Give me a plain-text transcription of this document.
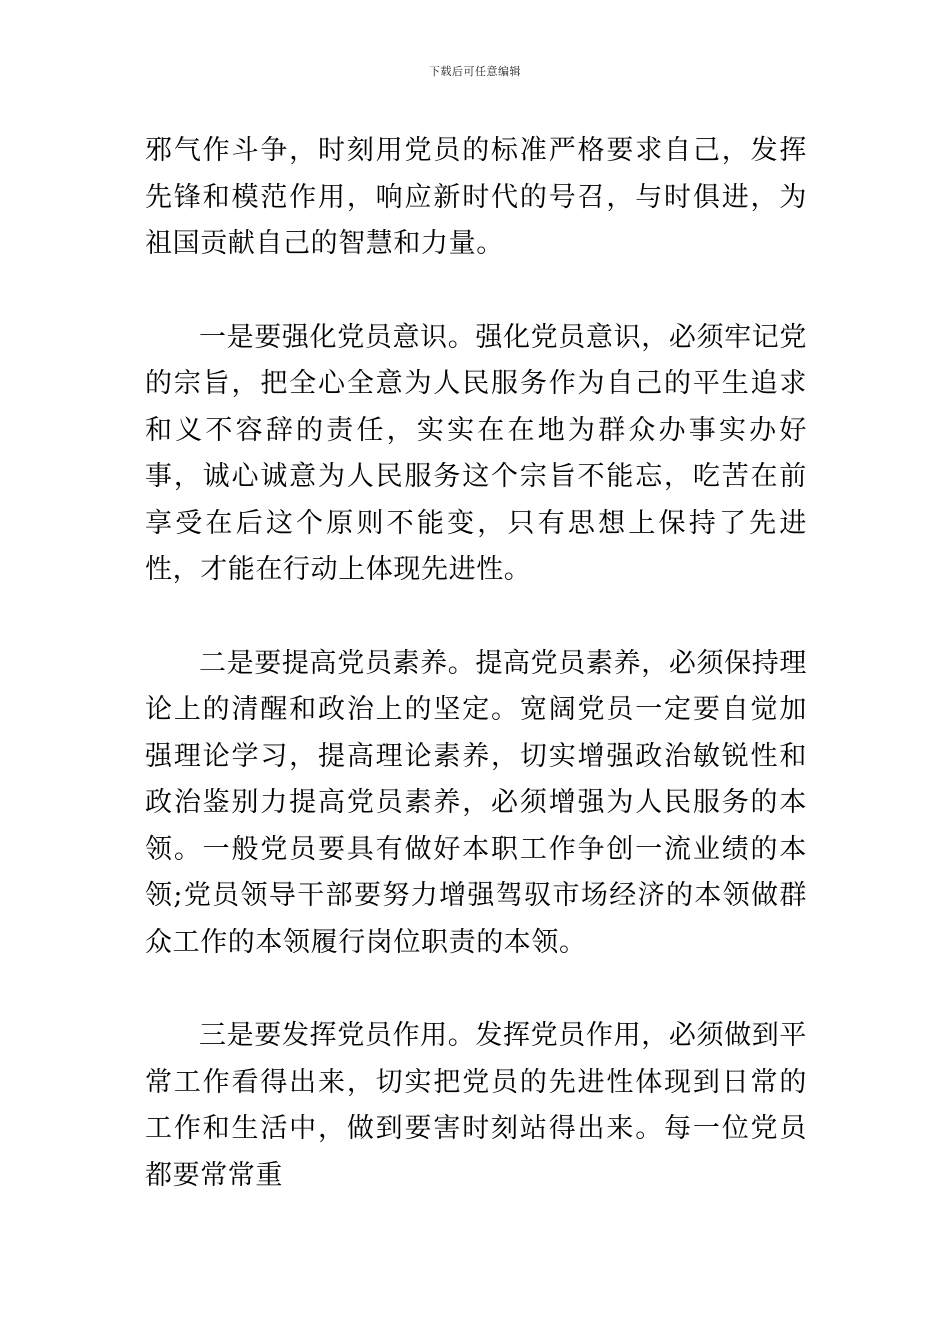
下载后可任意编辑

邪气作斗争，时刻用党员的标准严格要求自己，发挥先锋和模范作用，响应新时代的号召，与时俱进，为祖国贡献自己的智慧和力量。

一是要强化党员意识。强化党员意识，必须牢记党的宗旨，把全心全意为人民服务作为自己的平生追求和义不容辞的责任，实实在在地为群众办事实办好事，诚心诚意为人民服务这个宗旨不能忘，吃苦在前享受在后这个原则不能变，只有思想上保持了先进性，才能在行动上体现先进性。

二是要提高党员素养。提高党员素养，必须保持理论上的清醒和政治上的坚定。宽阔党员一定要自觉加强理论学习，提高理论素养，切实增强政治敏锐性和政治鉴别力提高党员素养，必须增强为人民服务的本领。一般党员要具有做好本职工作争创一流业绩的本领;党员领导干部要努力增强驾驭市场经济的本领做群众工作的本领履行岗位职责的本领。

三是要发挥党员作用。发挥党员作用，必须做到平常工作看得出来，切实把党员的先进性体现到日常的工作和生活中，做到要害时刻站得出来。每一位党员都要常常重
